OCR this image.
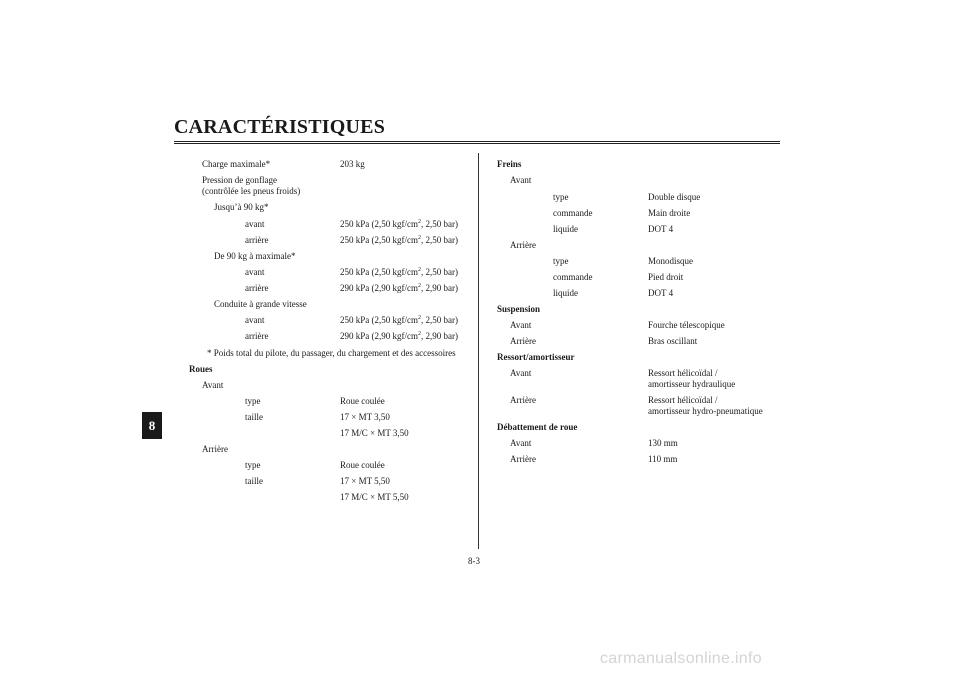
CARACTÉRISTIQUES
8
Charge maximale*	203 kg
Pression de gonflage
(contrôlée les pneus froids)
Jusqu’à 90 kg*
avant	250 kPa (2,50 kgf/$cm^2$, 2,50 bar)
arrière	250 kPa (2,50 kgf/$cm^2$, 2,50 bar)
De 90 kg à maximale*
avant	250 kPa (2,50 kgf/$cm^2$, 2,50 bar)
arrière	290 kPa (2,90 kgf/$cm^2$, 2,90 bar)
Conduite à grande vitesse
avant	250 kPa (2,50 kgf/$cm^2$, 2,50 bar)
arrière	290 kPa (2,90 kgf/$cm^2$, 2,90 bar)
* Poids total du pilote, du passager, du chargement et des accessoires
Roues
Avant
type	Roue coulée
taille	17 × MT 3,50
17 M/C × MT 3,50
Arrière
type	Roue coulée
taille	17 × MT 5,50
17 M/C × MT 5,50
Freins
Avant
type	Double disque
commande	Main droite
liquide	DOT 4
Arrière
type	Monodisque
commande	Pied droit
liquide	DOT 4
Suspension
Avant	Fourche télescopique
Arrière	Bras oscillant
Ressort/amortisseur
Avant	Ressort hélicoïdal /
amortisseur hydraulique
Arrière	Ressort hélicoïdal /
amortisseur hydro-pneumatique
Débattement de roue
Avant	130 mm
Arrière	110 mm
8-3
carmanualsonline.info
